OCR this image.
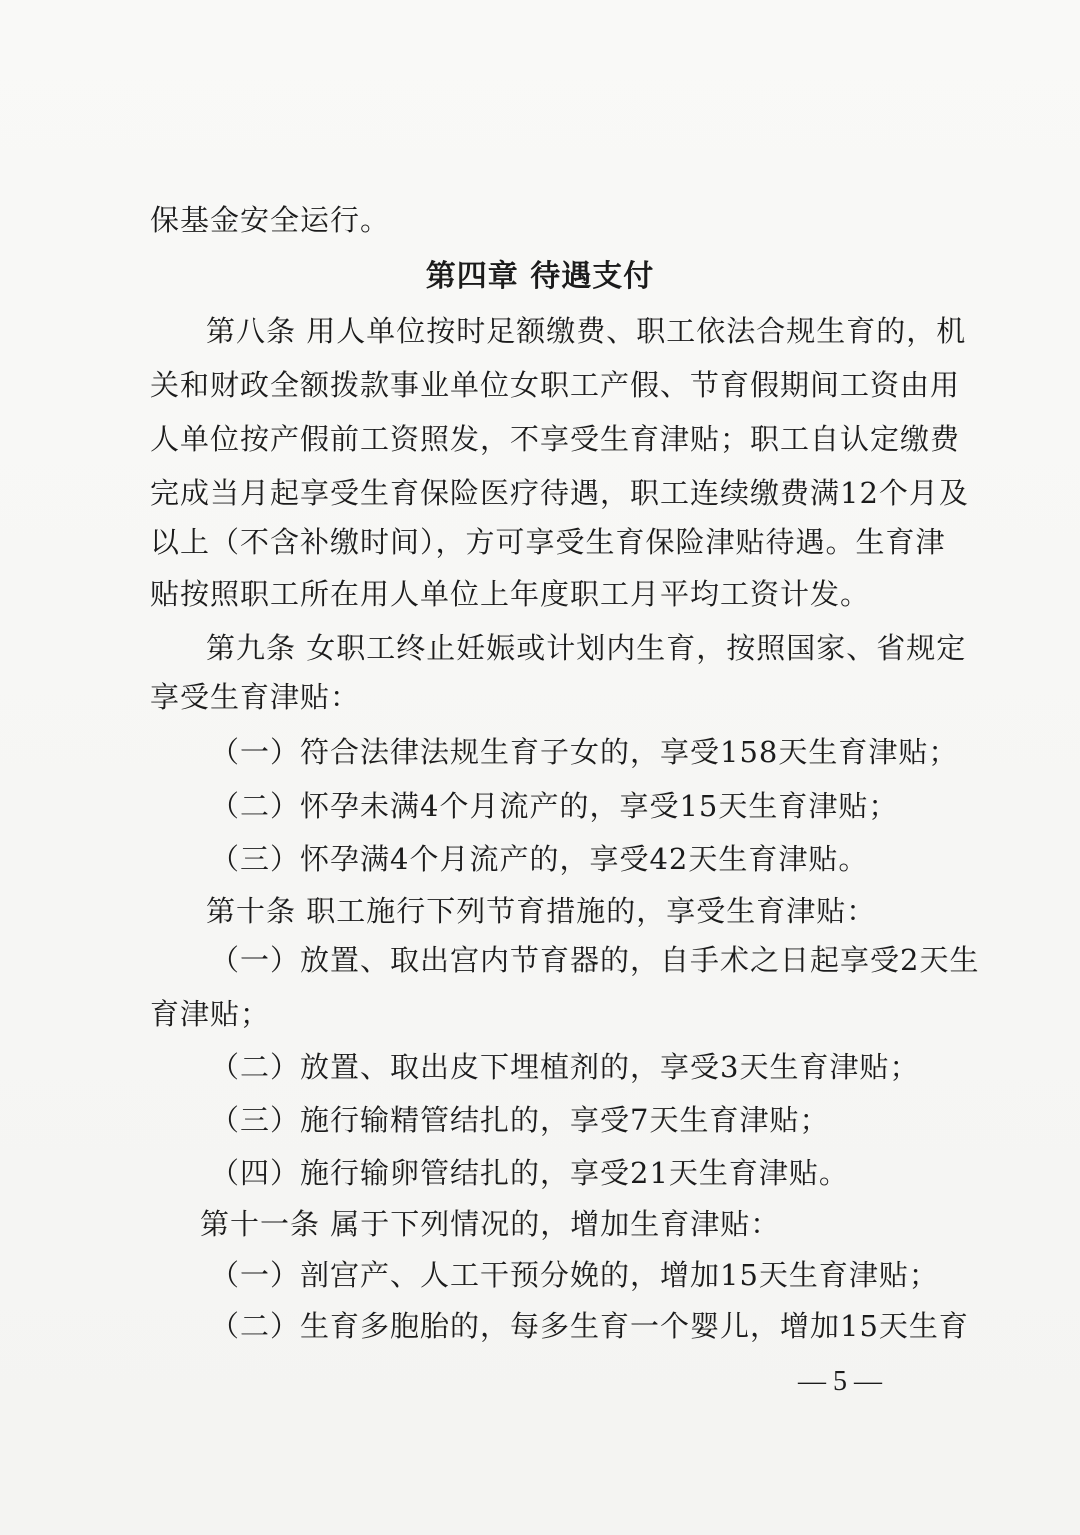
保基金安全运行。
第四章 待遇支付
第八条 用人单位按时足额缴费、职工依法合规生育的，机
关和财政全额拨款事业单位女职工产假、节育假期间工资由用
人单位按产假前工资照发，不享受生育津贴；职工自认定缴费
完成当月起享受生育保险医疗待遇，职工连续缴费满12个月及
以上（不含补缴时间），方可享受生育保险津贴待遇。生育津
贴按照职工所在用人单位上年度职工月平均工资计发。
第九条 女职工终止妊娠或计划内生育，按照国家、省规定
享受生育津贴：
（一）符合法律法规生育子女的，享受158天生育津贴；
（二）怀孕未满4个月流产的，享受15天生育津贴；
（三）怀孕满4个月流产的，享受42天生育津贴。
第十条 职工施行下列节育措施的，享受生育津贴：
（一）放置、取出宫内节育器的，自手术之日起享受2天生
育津贴；
（二）放置、取出皮下埋植剂的，享受3天生育津贴；
（三）施行输精管结扎的，享受7天生育津贴；
（四）施行输卵管结扎的，享受21天生育津贴。
第十一条 属于下列情况的，增加生育津贴：
（一）剖宫产、人工干预分娩的，增加15天生育津贴；
（二）生育多胞胎的，每多生育一个婴儿，增加15天生育
— 5 —
